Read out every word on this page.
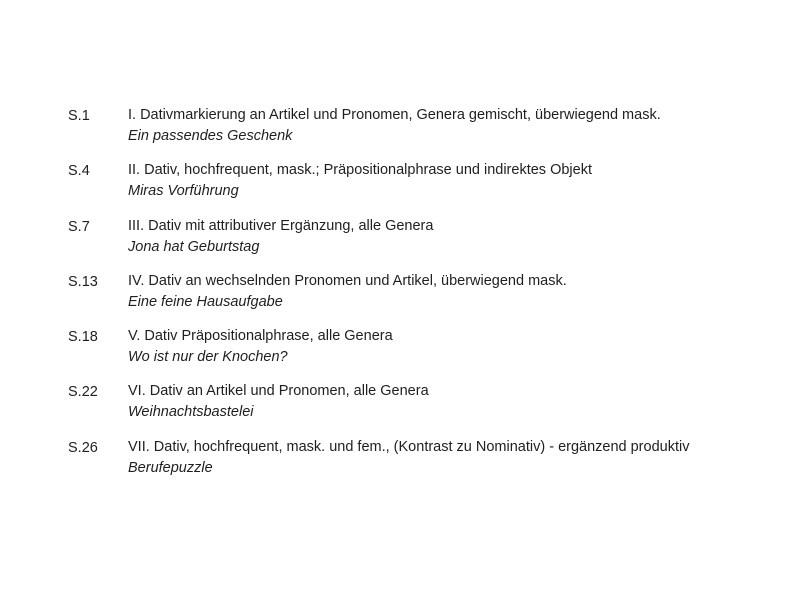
S.1	I. Dativmarkierung an Artikel und Pronomen, Genera gemischt, überwiegend mask.
Ein passendes Geschenk
S.4	II. Dativ, hochfrequent, mask.; Präpositionalphrase und indirektes Objekt
Miras Vorführung
S.7	III. Dativ mit attributiver Ergänzung, alle Genera
Jona hat Geburtstag
S.13	IV. Dativ an wechselnden Pronomen und Artikel, überwiegend mask.
Eine feine Hausaufgabe
S.18	V. Dativ Präpositionalphrase, alle Genera
Wo ist nur der Knochen?
S.22	VI. Dativ an Artikel und Pronomen, alle Genera
Weihnachtsbastelei
S.26	VII. Dativ, hochfrequent, mask. und fem., (Kontrast zu Nominativ) - ergänzend produktiv
Berufepuzzle
